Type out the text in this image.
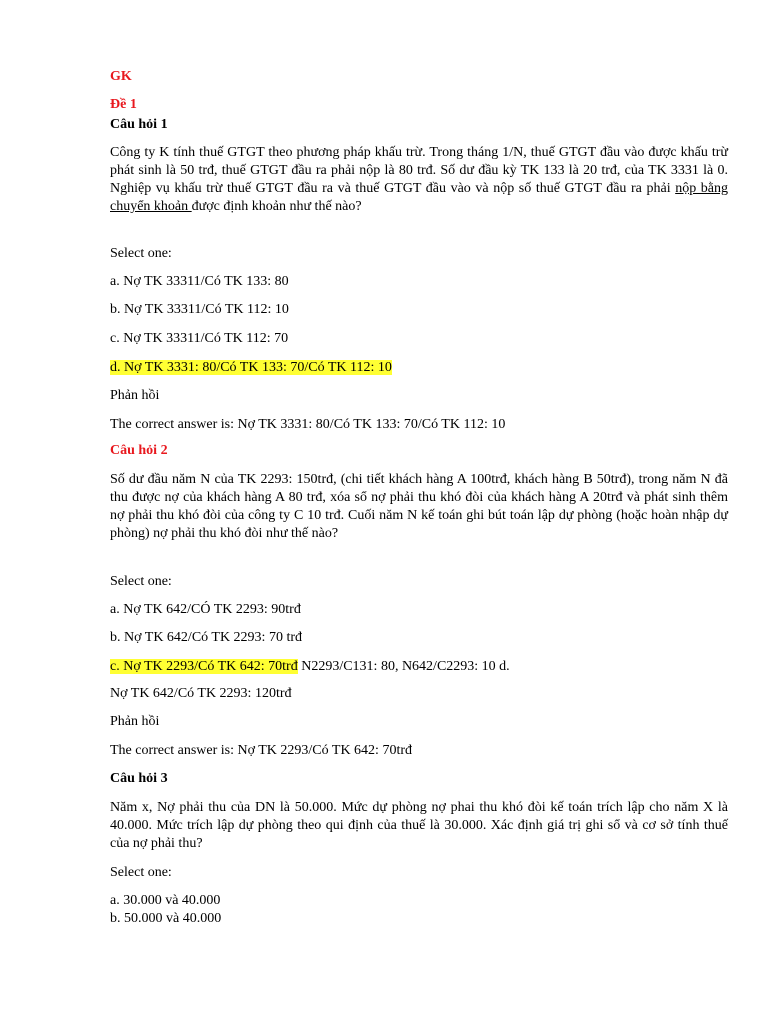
GK
Đề 1
Câu hỏi 1
Công ty K tính thuế GTGT theo phương pháp khấu trừ. Trong tháng 1/N, thuế GTGT đầu vào được khấu trừ phát sinh là 50 trđ, thuế GTGT đầu ra phải nộp là 80 trđ. Số dư đầu kỳ TK 133 là 20 trđ, của TK 3331 là 0. Nghiệp vụ khấu trừ thuế GTGT đầu ra và thuế GTGT đầu vào và nộp số thuế GTGT đầu ra phải nộp bằng chuyển khoản được định khoản như thế nào?
Select one:
a. Nợ TK 33311/Có TK 133: 80
b. Nợ TK 33311/Có TK 112: 10
c. Nợ TK 33311/Có TK 112: 70
d. Nợ TK 3331: 80/Có TK 133: 70/Có TK 112: 10
Phản hồi
The correct answer is: Nợ TK 3331: 80/Có TK 133: 70/Có TK 112: 10
Câu hỏi 2
Số dư đầu năm N của TK 2293: 150trđ, (chi tiết khách hàng A 100trđ, khách hàng B 50trđ), trong năm N đã thu được nợ của khách hàng A 80 trđ, xóa sổ nợ phải thu khó đòi của khách hàng A 20trđ và phát sinh thêm nợ phải thu khó đòi của công ty C 10 trđ. Cuối năm N kế toán ghi bút toán lập dự phòng (hoặc hoàn nhập dự phòng) nợ phải thu khó đòi như thế nào?
Select one:
a. Nợ TK 642/CÓ TK 2293: 90trđ
b. Nợ TK 642/Có TK 2293: 70 trđ
c. Nợ TK 2293/Có TK 642: 70trđ N2293/C131: 80, N642/C2293: 10 d.
Nợ TK 642/Có TK 2293: 120trđ
Phản hồi
The correct answer is: Nợ TK 2293/Có TK 642: 70trđ
Câu hỏi 3
Năm x, Nợ phải thu của DN là 50.000. Mức dự phòng nợ phai thu khó đòi kế toán trích lập cho năm X là 40.000. Mức trích lập dự phòng theo qui định của thuế là 30.000. Xác định giá trị ghi sổ và cơ sở tính thuế của nợ phải thu?
Select one:
a. 30.000 và 40.000
b. 50.000 và 40.000
